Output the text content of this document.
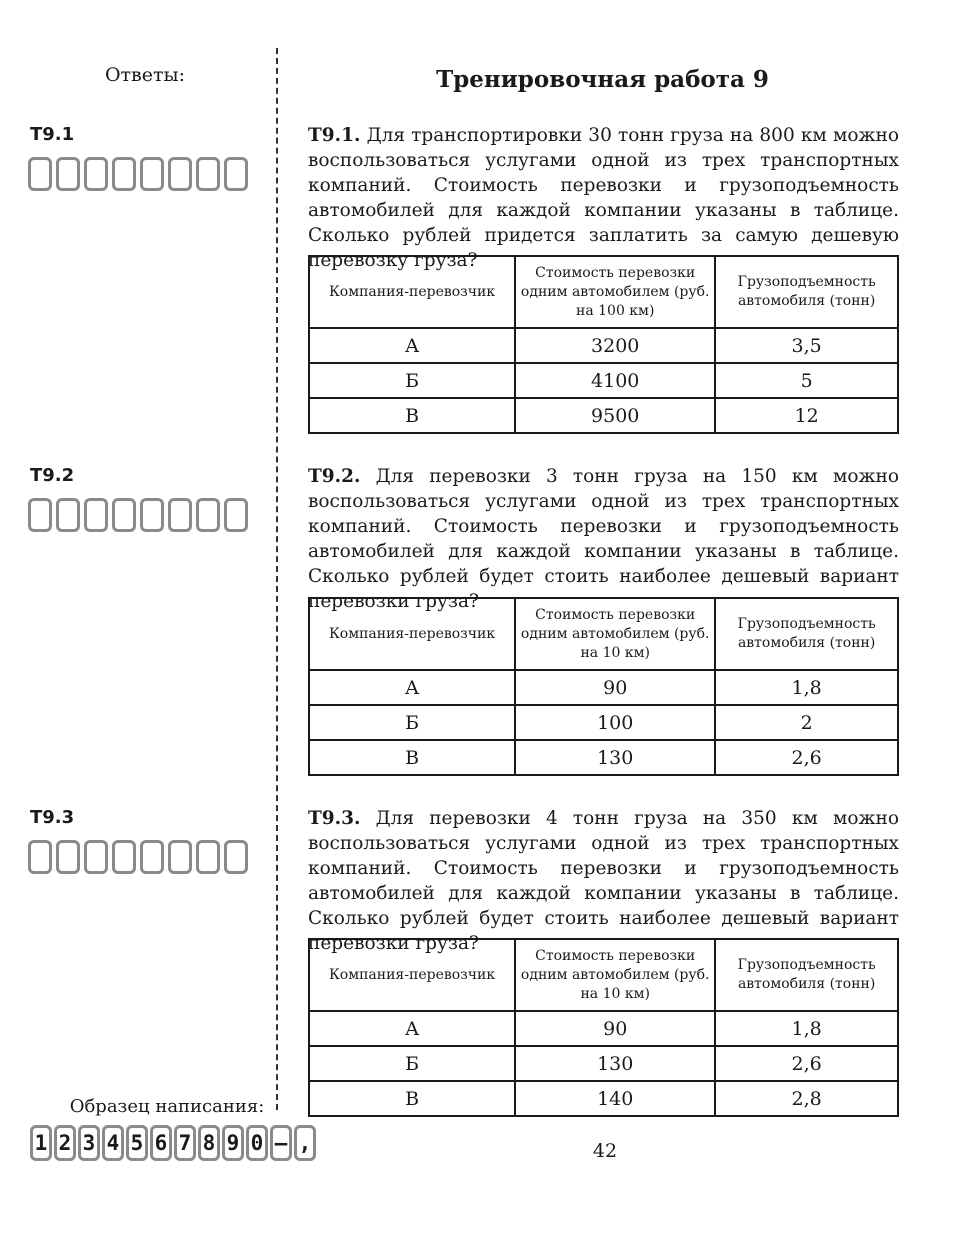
Ответы:	Тренировочная работа 9
T9.1	T9.1. Для транспортировки 30 тонн груза на 800 км можно воспользоваться услугами одной из трех транспортных компаний. Стоимость перевозки и грузоподъемность автомобилей для каждой компании указаны в таблице. Сколько рублей придется заплатить за самую дешевую перевозку груза?
Компания-перевозчик	Стоимость перевозки одним автомобилем (руб. на 100 км)	Грузоподъемность автомобиля (тонн)
А	3200	3,5
Б	4100	5
В	9500	12
T9.2	T9.2. Для перевозки 3 тонн груза на 150 км можно воспользоваться услугами одной из трех транспортных компаний. Стоимость перевозки и грузоподъемность автомобилей для каждой компании указаны в таблице. Сколько рублей будет стоить наиболее дешевый вариант перевозки груза?
Компания-перевозчик	Стоимость перевозки одним автомобилем (руб. на 10 км)	Грузоподъемность автомобиля (тонн)
А	90	1,8
Б	100	2
В	130	2,6
T9.3	T9.3. Для перевозки 4 тонн груза на 350 км можно воспользоваться услугами одной из трех транспортных компаний. Стоимость перевозки и грузоподъемность автомобилей для каждой компании указаны в таблице. Сколько рублей будет стоить наиболее дешевый вариант перевозки груза?
Компания-перевозчик	Стоимость перевозки одним автомобилем (руб. на 10 км)	Грузоподъемность автомобиля (тонн)
А	90	1,8
Б	130	2,6
В	140	2,8
Образец написания:
1 2 3 4 5 6 7 8 9 0 – ,	42
